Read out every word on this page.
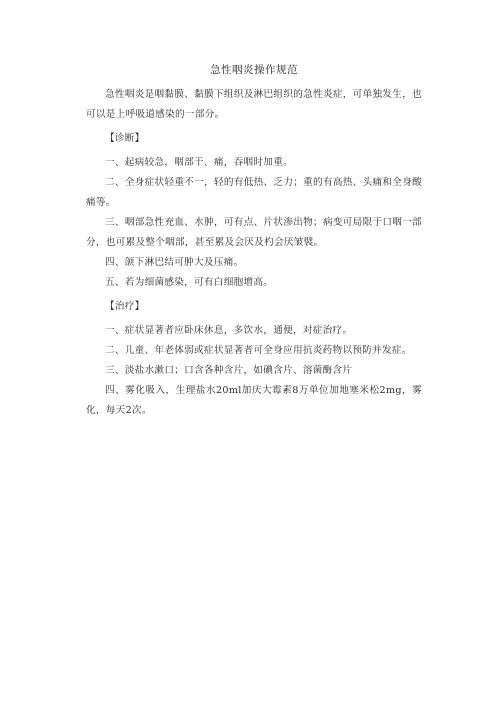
急性咽炎操作规范

急性咽炎是咽黏膜、黏膜下组织及淋巴组织的急性炎症，可单独发生，也可以是上呼吸道感染的一部分。

【诊断】

一、起病较急，咽部干、痛，吞咽时加重。

二、全身症状轻重不一，轻的有低热、乏力；重的有高热、头痛和全身酸痛等。

三、咽部急性充血、水肿，可有点、片状渗出物；病变可局限于口咽一部分，也可累及整个咽部，甚至累及会厌及杓会厌皱襞。

四、颌下淋巴结可肿大及压痛。

五、若为细菌感染，可有白细胞增高。

【治疗】

一、症状显著者应卧床休息，多饮水，通便，对症治疗。

二、儿童、年老体弱或症状显著者可全身应用抗炎药物以预防并发症。

三、淡盐水漱口；口含各种含片，如碘含片、溶菌酶含片

四、雾化吸入，生理盐水20ml加庆大霉素8万单位加地塞米松2mg，雾化，每天2次。
